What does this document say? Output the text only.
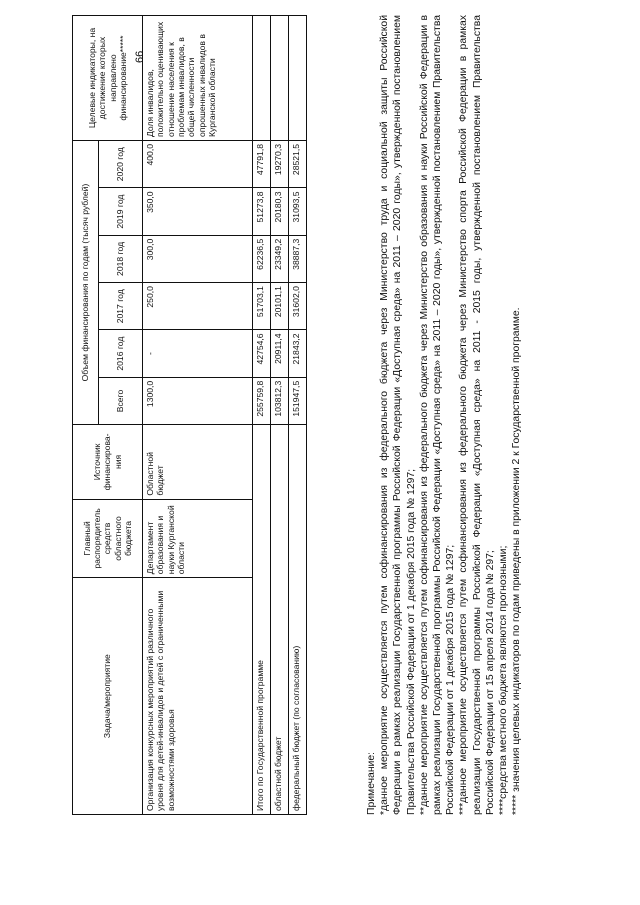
66
Задача/мероприятие	Главный распорядитель средств областного бюджета	Источник финансирова-ния	Объем финансирования по годам (тысяч рублей)						Целевые индикаторы, на достижение которых направлено финансирование*****
			Всего	2016 год	2017 год	2018 год	2019 год	2020 год	
Организация конкурсных мероприятий различного уровня для детей-инвалидов и детей с ограниченными возможностями здоровья	Департамент образования и науки Курганской области	Областной бюджет	1300,0	-	250,0	300,0	350,0	400,0	Доля инвалидов, положительно оценивающих отношение населения к проблемам инвалидов, в общей численности опрошенных инвалидов в Курганской области
Итого по Государственной программе			255759,8	42754,6	51703,1	62236,5	51273,8	47791,8	
областной бюджет			103812,3	20911,4	20101,1	23349,2	20180,3	19270,3	
федеральный бюджет (по согласованию)			151947,5	21843,2	31602,0	38887,3	31093,5	28521,5	

Примечание: *данное мероприятие осуществляется путем софинансирования из федерального бюджета через Министерство труда и социальной защиты Российской Федерации в рамках реализации Государственной программы Российской Федерации «Доступная среда» на 2011 – 2020 годы», утвержденной постановлением Правительства Российской Федерации от 1 декабря 2015 года № 1297; **данное мероприятие осуществляется путем софинансирования из федерального бюджета через Министерство образования и науки Российской Федерации в рамках реализации Государственной программы Российской Федерации «Доступная среда» на 2011 – 2020 годы», утвержденной постановлением Правительства Российской Федерации от 1 декабря 2015 года № 1297; ***данное мероприятие осуществляется путем софинансирования из федерального бюджета через Министерство спорта Российской Федерации в рамках реализации Государственной программы Российской Федерации «Доступная среда» на 2011 - 2015 годы, утвержденной постановлением Правительства Российской Федерации от 15 апреля 2014 года № 297; ****средства местного бюджета являются прогнозными; ***** значения целевых индикаторов по годам приведены в приложении 2 к Государственной программе.
